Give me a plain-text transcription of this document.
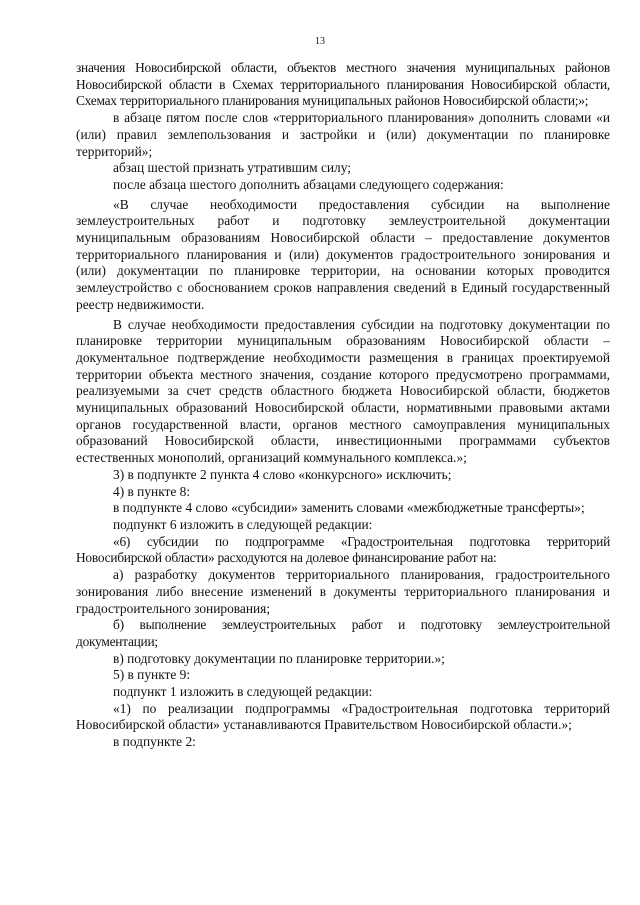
13

значения Новосибирской области, объектов местного значения муниципальных районов Новосибирской области в Схемах территориального планирования Новосибирской области, Схемах территориального планирования муниципальных районов Новосибирской области;»;

в абзаце пятом после слов «территориального планирования» дополнить словами «и (или) правил землепользования и застройки и (или) документации по планировке территорий»;

абзац шестой признать утратившим силу;

после абзаца шестого дополнить абзацами следующего содержания:

«В случае необходимости предоставления субсидии на выполнение землеустроительных работ и подготовку землеустроительной документации муниципальным образованиям Новосибирской области – предоставление документов территориального планирования и (или) документов градостроительного зонирования и (или) документации по планировке территории, на основании которых проводится землеустройство с обоснованием сроков направления сведений в Единый государственный реестр недвижимости.

В случае необходимости предоставления субсидии на подготовку документации по планировке территории муниципальным образованиям Новосибирской области – документальное подтверждение необходимости размещения в границах проектируемой территории объекта местного значения, создание которого предусмотрено программами, реализуемыми за счет средств областного бюджета Новосибирской области, бюджетов муниципальных образований Новосибирской области, нормативными правовыми актами органов государственной власти, органов местного самоуправления муниципальных образований Новосибирской области, инвестиционными программами субъектов естественных монополий, организаций коммунального комплекса.»;

3) в подпункте 2 пункта 4 слово «конкурсного» исключить;

4) в пункте 8:

в подпункте 4 слово «субсидии» заменить словами «межбюджетные трансферты»;

подпункт 6 изложить в следующей редакции:

«6) субсидии по подпрограмме «Градостроительная подготовка территорий Новосибирской области» расходуются на долевое финансирование работ на:

а) разработку документов территориального планирования, градостроительного зонирования либо внесение изменений в документы территориального планирования и градостроительного зонирования;

б) выполнение землеустроительных работ и подготовку землеустроительной документации;

в) подготовку документации по планировке территории.»;

5) в пункте 9:

подпункт 1 изложить в следующей редакции:

«1) по реализации подпрограммы «Градостроительная подготовка территорий Новосибирской области» устанавливаются Правительством Новосибирской области.»;

в подпункте 2:
